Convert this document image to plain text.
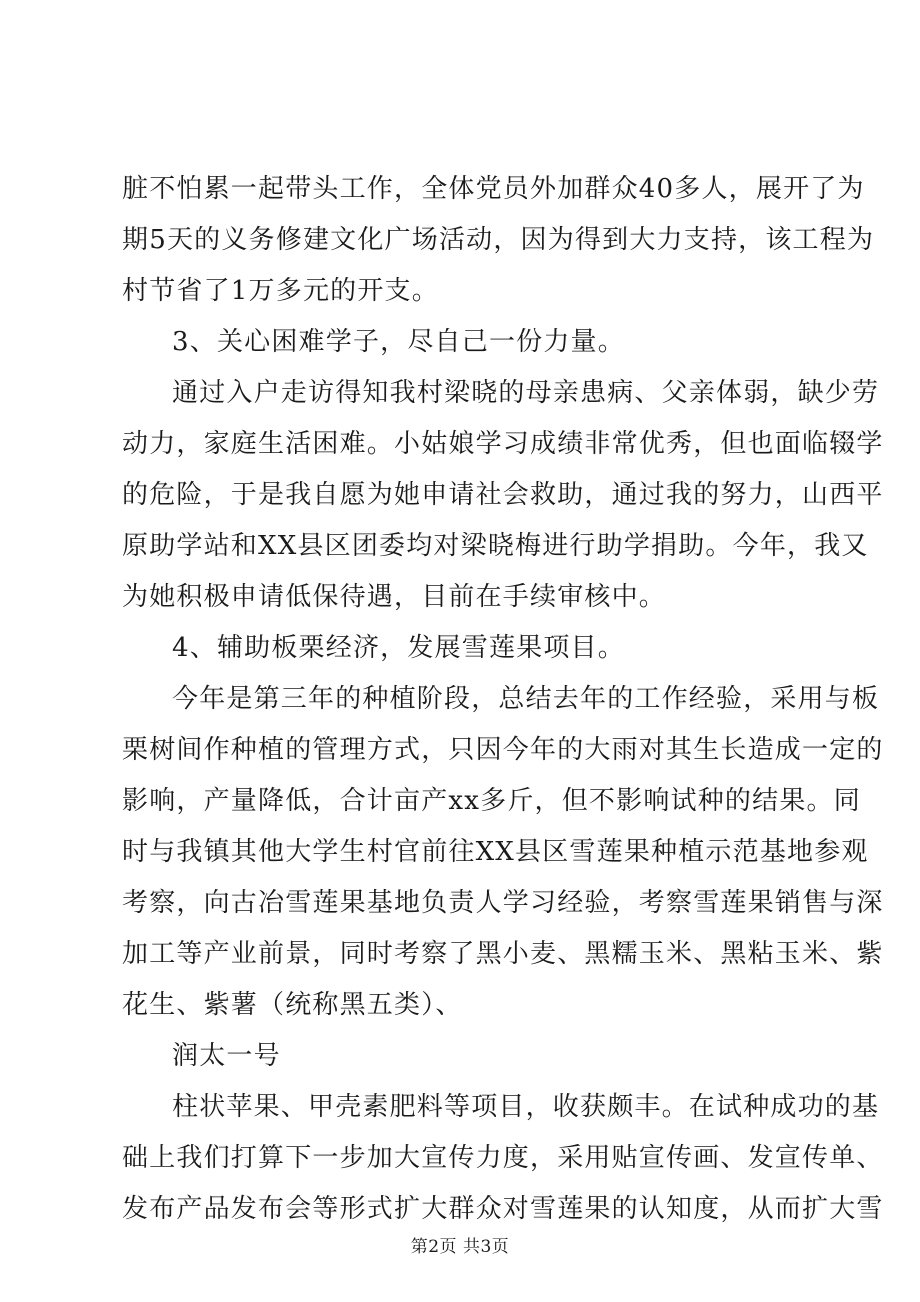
脏不怕累一起带头工作，全体党员外加群众40多人，展开了为
期5天的义务修建文化广场活动，因为得到大力支持，该工程为
村节省了1万多元的开支。
3、关心困难学子，尽自己一份力量。
通过入户走访得知我村梁晓的母亲患病、父亲体弱，缺少劳
动力，家庭生活困难。小姑娘学习成绩非常优秀，但也面临辍学
的危险，于是我自愿为她申请社会救助，通过我的努力，山西平
原助学站和XX县区团委均对梁晓梅进行助学捐助。今年，我又
为她积极申请低保待遇，目前在手续审核中。
4、辅助板栗经济，发展雪莲果项目。
今年是第三年的种植阶段，总结去年的工作经验，采用与板
栗树间作种植的管理方式，只因今年的大雨对其生长造成一定的
影响，产量降低，合计亩产xx多斤，但不影响试种的结果。同
时与我镇其他大学生村官前往XX县区雪莲果种植示范基地参观
考察，向古冶雪莲果基地负责人学习经验，考察雪莲果销售与深
加工等产业前景，同时考察了黑小麦、黑糯玉米、黑粘玉米、紫
花生、紫薯（统称黑五类）、
润太一号
柱状苹果、甲壳素肥料等项目，收获颇丰。在试种成功的基
础上我们打算下一步加大宣传力度，采用贴宣传画、发宣传单、
发布产品发布会等形式扩大群众对雪莲果的认知度，从而扩大雪
第2页 共3页
